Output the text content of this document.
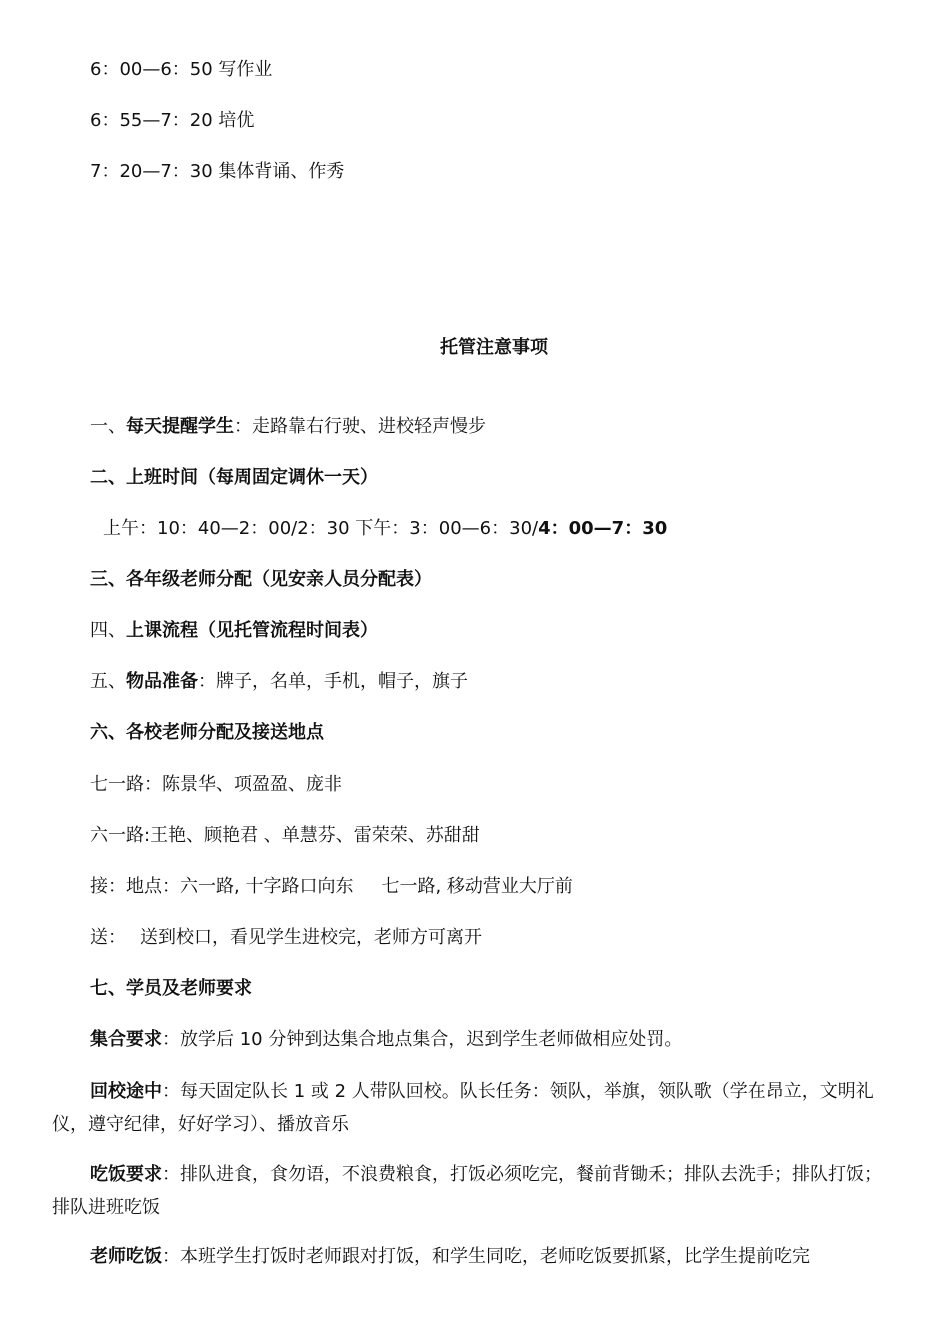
6：00—6：50 写作业
6：55—7：20 培优
7：20—7：30 集体背诵、作秀
托管注意事项
一、每天提醒学生：走路靠右行驶、进校轻声慢步
二、上班时间（每周固定调休一天）
上午：10：40—2：00/2：30 下午：3：00—6：30/4：00—7：30
三、各年级老师分配（见安亲人员分配表）
四、上课流程（见托管流程时间表）
五、物品准备：牌子，名单，手机，帽子，旗子
六、各校老师分配及接送地点
七一路：陈景华、项盈盈、庞非
六一路:王艳、顾艳君 、单慧芬、雷荣荣、苏甜甜
接：地点：六一路, 十字路口向东 七一路, 移动营业大厅前
送： 送到校口，看见学生进校完，老师方可离开
七、学员及老师要求
集合要求：放学后 10 分钟到达集合地点集合，迟到学生老师做相应处罚。
回校途中：每天固定队长 1 或 2 人带队回校。队长任务：领队，举旗，领队歌（学在昂立，文明礼仪，遵守纪律，好好学习）、播放音乐
吃饭要求：排队进食，食勿语，不浪费粮食，打饭必须吃完，餐前背锄禾；排队去洗手；排队打饭；排队进班吃饭
老师吃饭：本班学生打饭时老师跟对打饭，和学生同吃，老师吃饭要抓紧，比学生提前吃完
